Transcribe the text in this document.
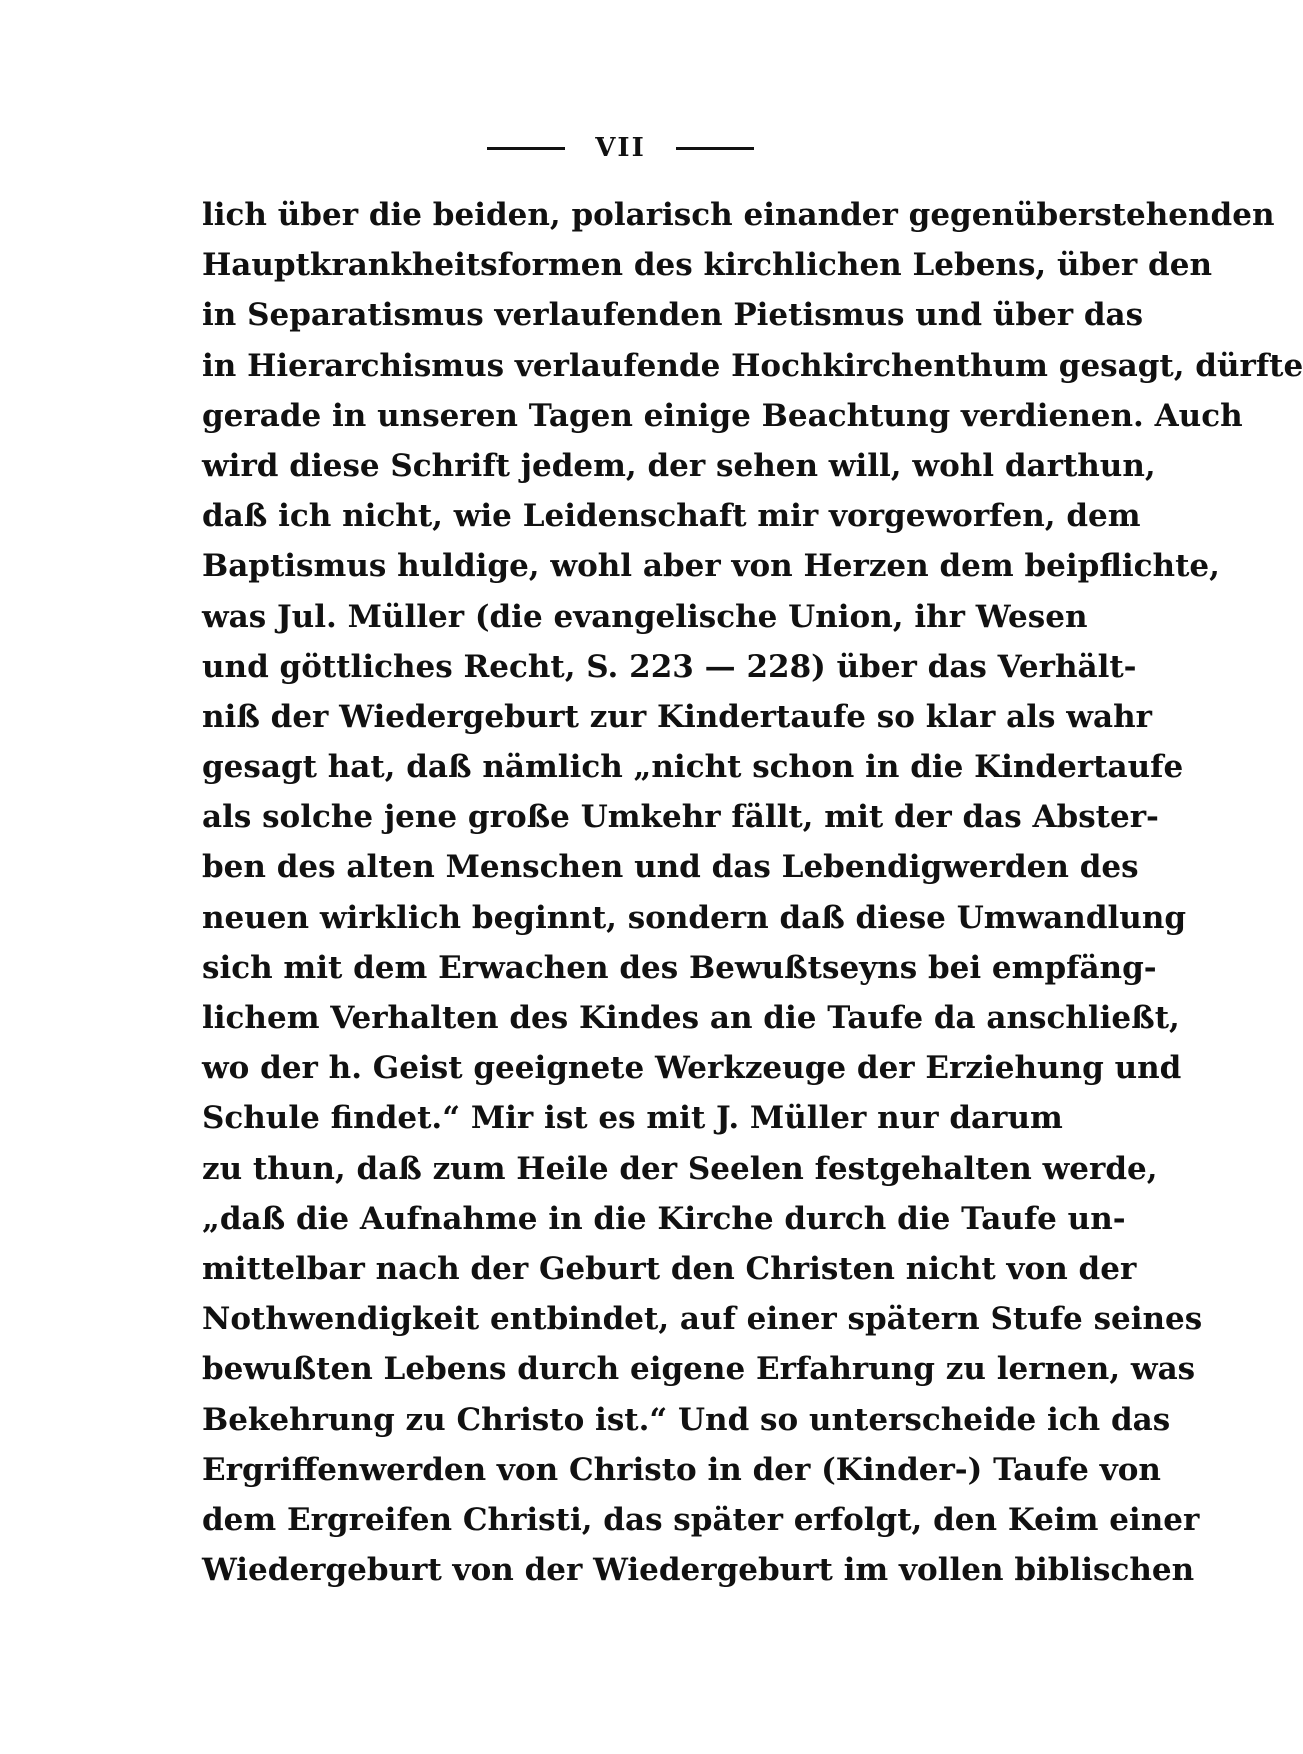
VII
lich über die beiden, polarisch einander gegenüberstehenden
Hauptkrankheitsformen des kirchlichen Lebens, über den
in Separatismus verlaufenden Pietismus und über das
in Hierarchismus verlaufende Hochkirchenthum gesagt, dürfte
gerade in unseren Tagen einige Beachtung verdienen. Auch
wird diese Schrift jedem, der sehen will, wohl darthun,
daß ich nicht, wie Leidenschaft mir vorgeworfen, dem
Baptismus huldige, wohl aber von Herzen dem beipflichte,
was Jul. Müller (die evangelische Union, ihr Wesen
und göttliches Recht, S. 223 — 228) über das Verhält-
niß der Wiedergeburt zur Kindertaufe so klar als wahr
gesagt hat, daß nämlich „nicht schon in die Kindertaufe
als solche jene große Umkehr fällt, mit der das Abster-
ben des alten Menschen und das Lebendigwerden des
neuen wirklich beginnt, sondern daß diese Umwandlung
sich mit dem Erwachen des Bewußtseyns bei empfäng-
lichem Verhalten des Kindes an die Taufe da anschließt,
wo der h. Geist geeignete Werkzeuge der Erziehung und
Schule findet.“ Mir ist es mit J. Müller nur darum
zu thun, daß zum Heile der Seelen festgehalten werde,
„daß die Aufnahme in die Kirche durch die Taufe un-
mittelbar nach der Geburt den Christen nicht von der
Nothwendigkeit entbindet, auf einer spätern Stufe seines
bewußten Lebens durch eigene Erfahrung zu lernen, was
Bekehrung zu Christo ist.“ Und so unterscheide ich das
Ergriffenwerden von Christo in der (Kinder-) Taufe von
dem Ergreifen Christi, das später erfolgt, den Keim einer
Wiedergeburt von der Wiedergeburt im vollen biblischen
